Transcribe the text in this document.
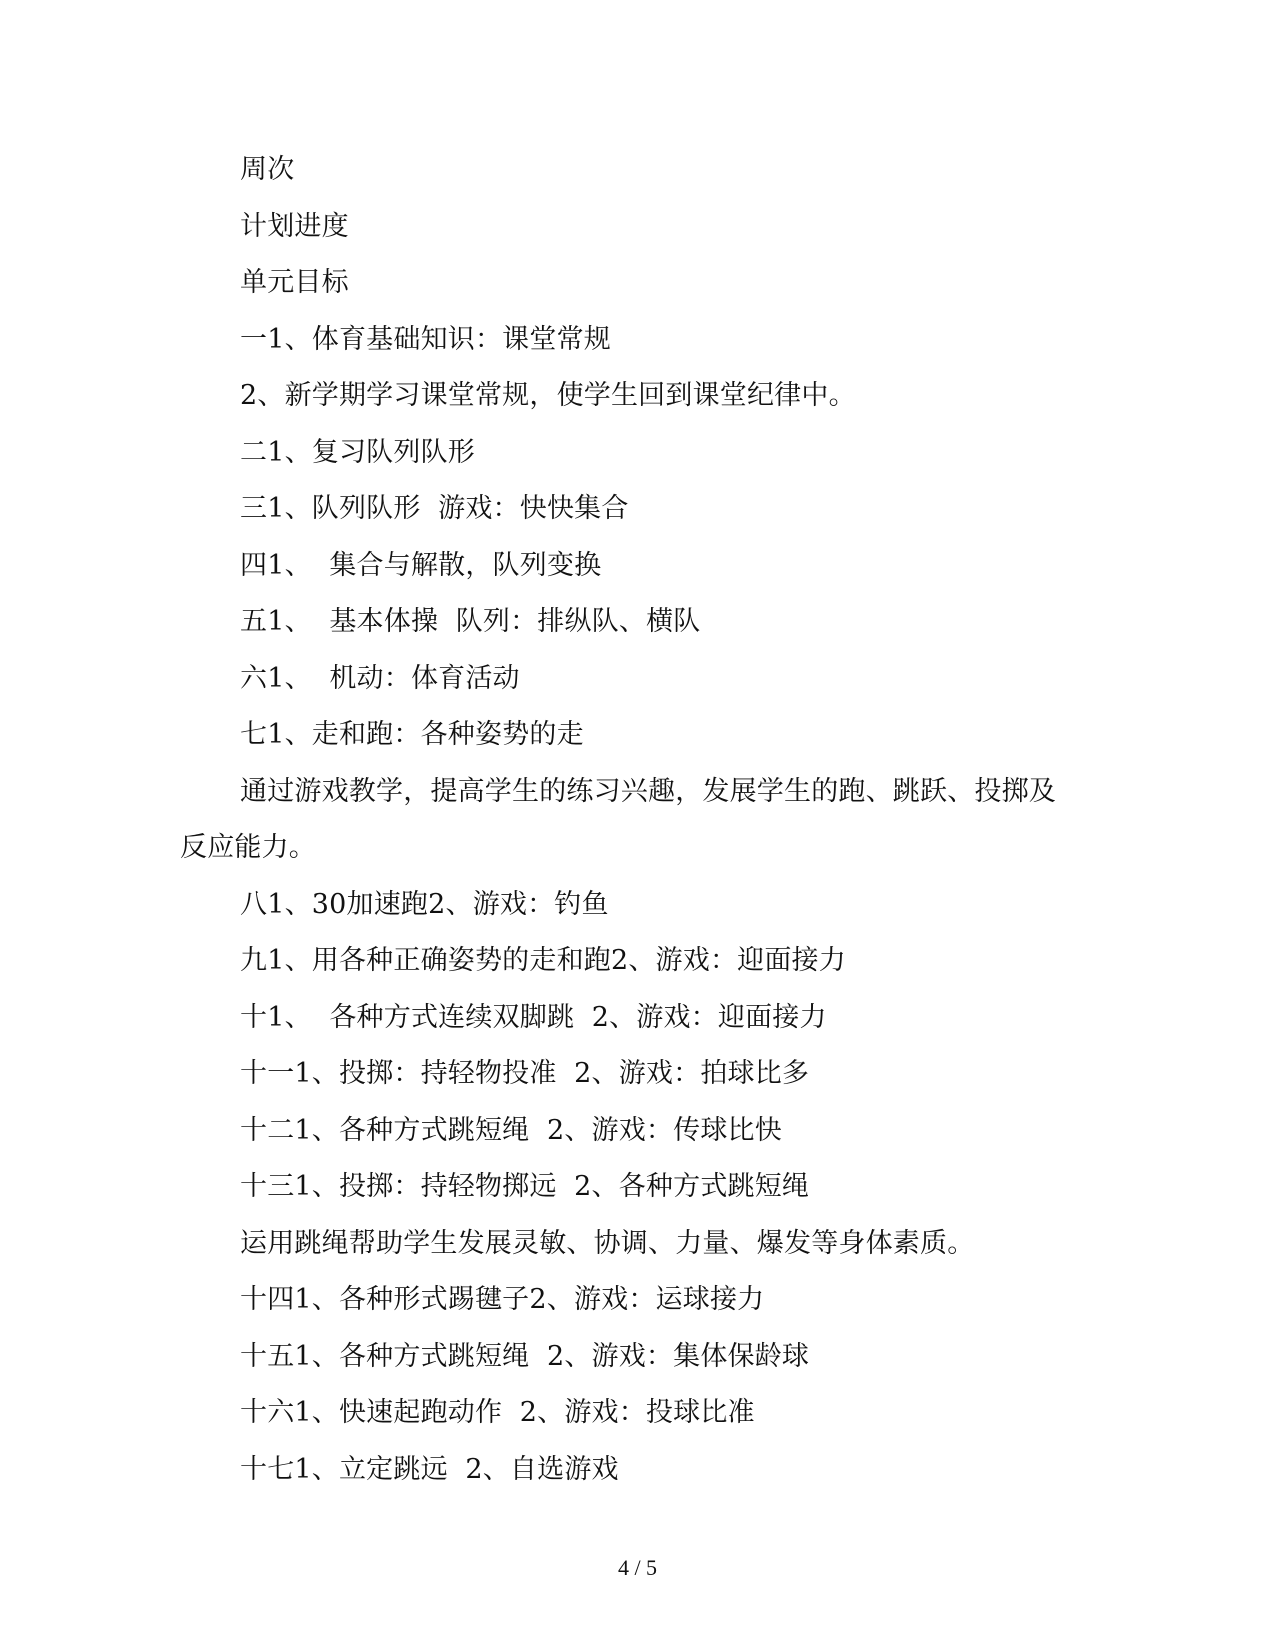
周次

计划进度

单元目标

一1、体育基础知识：课堂常规

2、新学期学习课堂常规，使学生回到课堂纪律中。

二1、复习队列队形

三1、队列队形  游戏：快快集合

四1、  集合与解散，队列变换

五1、  基本体操  队列：排纵队、横队

六1、  机动：体育活动

七1、走和跑：各种姿势的走

通过游戏教学，提高学生的练习兴趣，发展学生的跑、跳跃、投掷及反应能力。

八1、30加速跑2、游戏：钓鱼

九1、用各种正确姿势的走和跑2、游戏：迎面接力

十1、  各种方式连续双脚跳  2、游戏：迎面接力

十一1、投掷：持轻物投准  2、游戏：拍球比多

十二1、各种方式跳短绳  2、游戏：传球比快

十三1、投掷：持轻物掷远  2、各种方式跳短绳

运用跳绳帮助学生发展灵敏、协调、力量、爆发等身体素质。

十四1、各种形式踢毽子2、游戏：运球接力

十五1、各种方式跳短绳  2、游戏：集体保龄球

十六1、快速起跑动作  2、游戏：投球比准

十七1、立定跳远  2、自选游戏

4 / 5
